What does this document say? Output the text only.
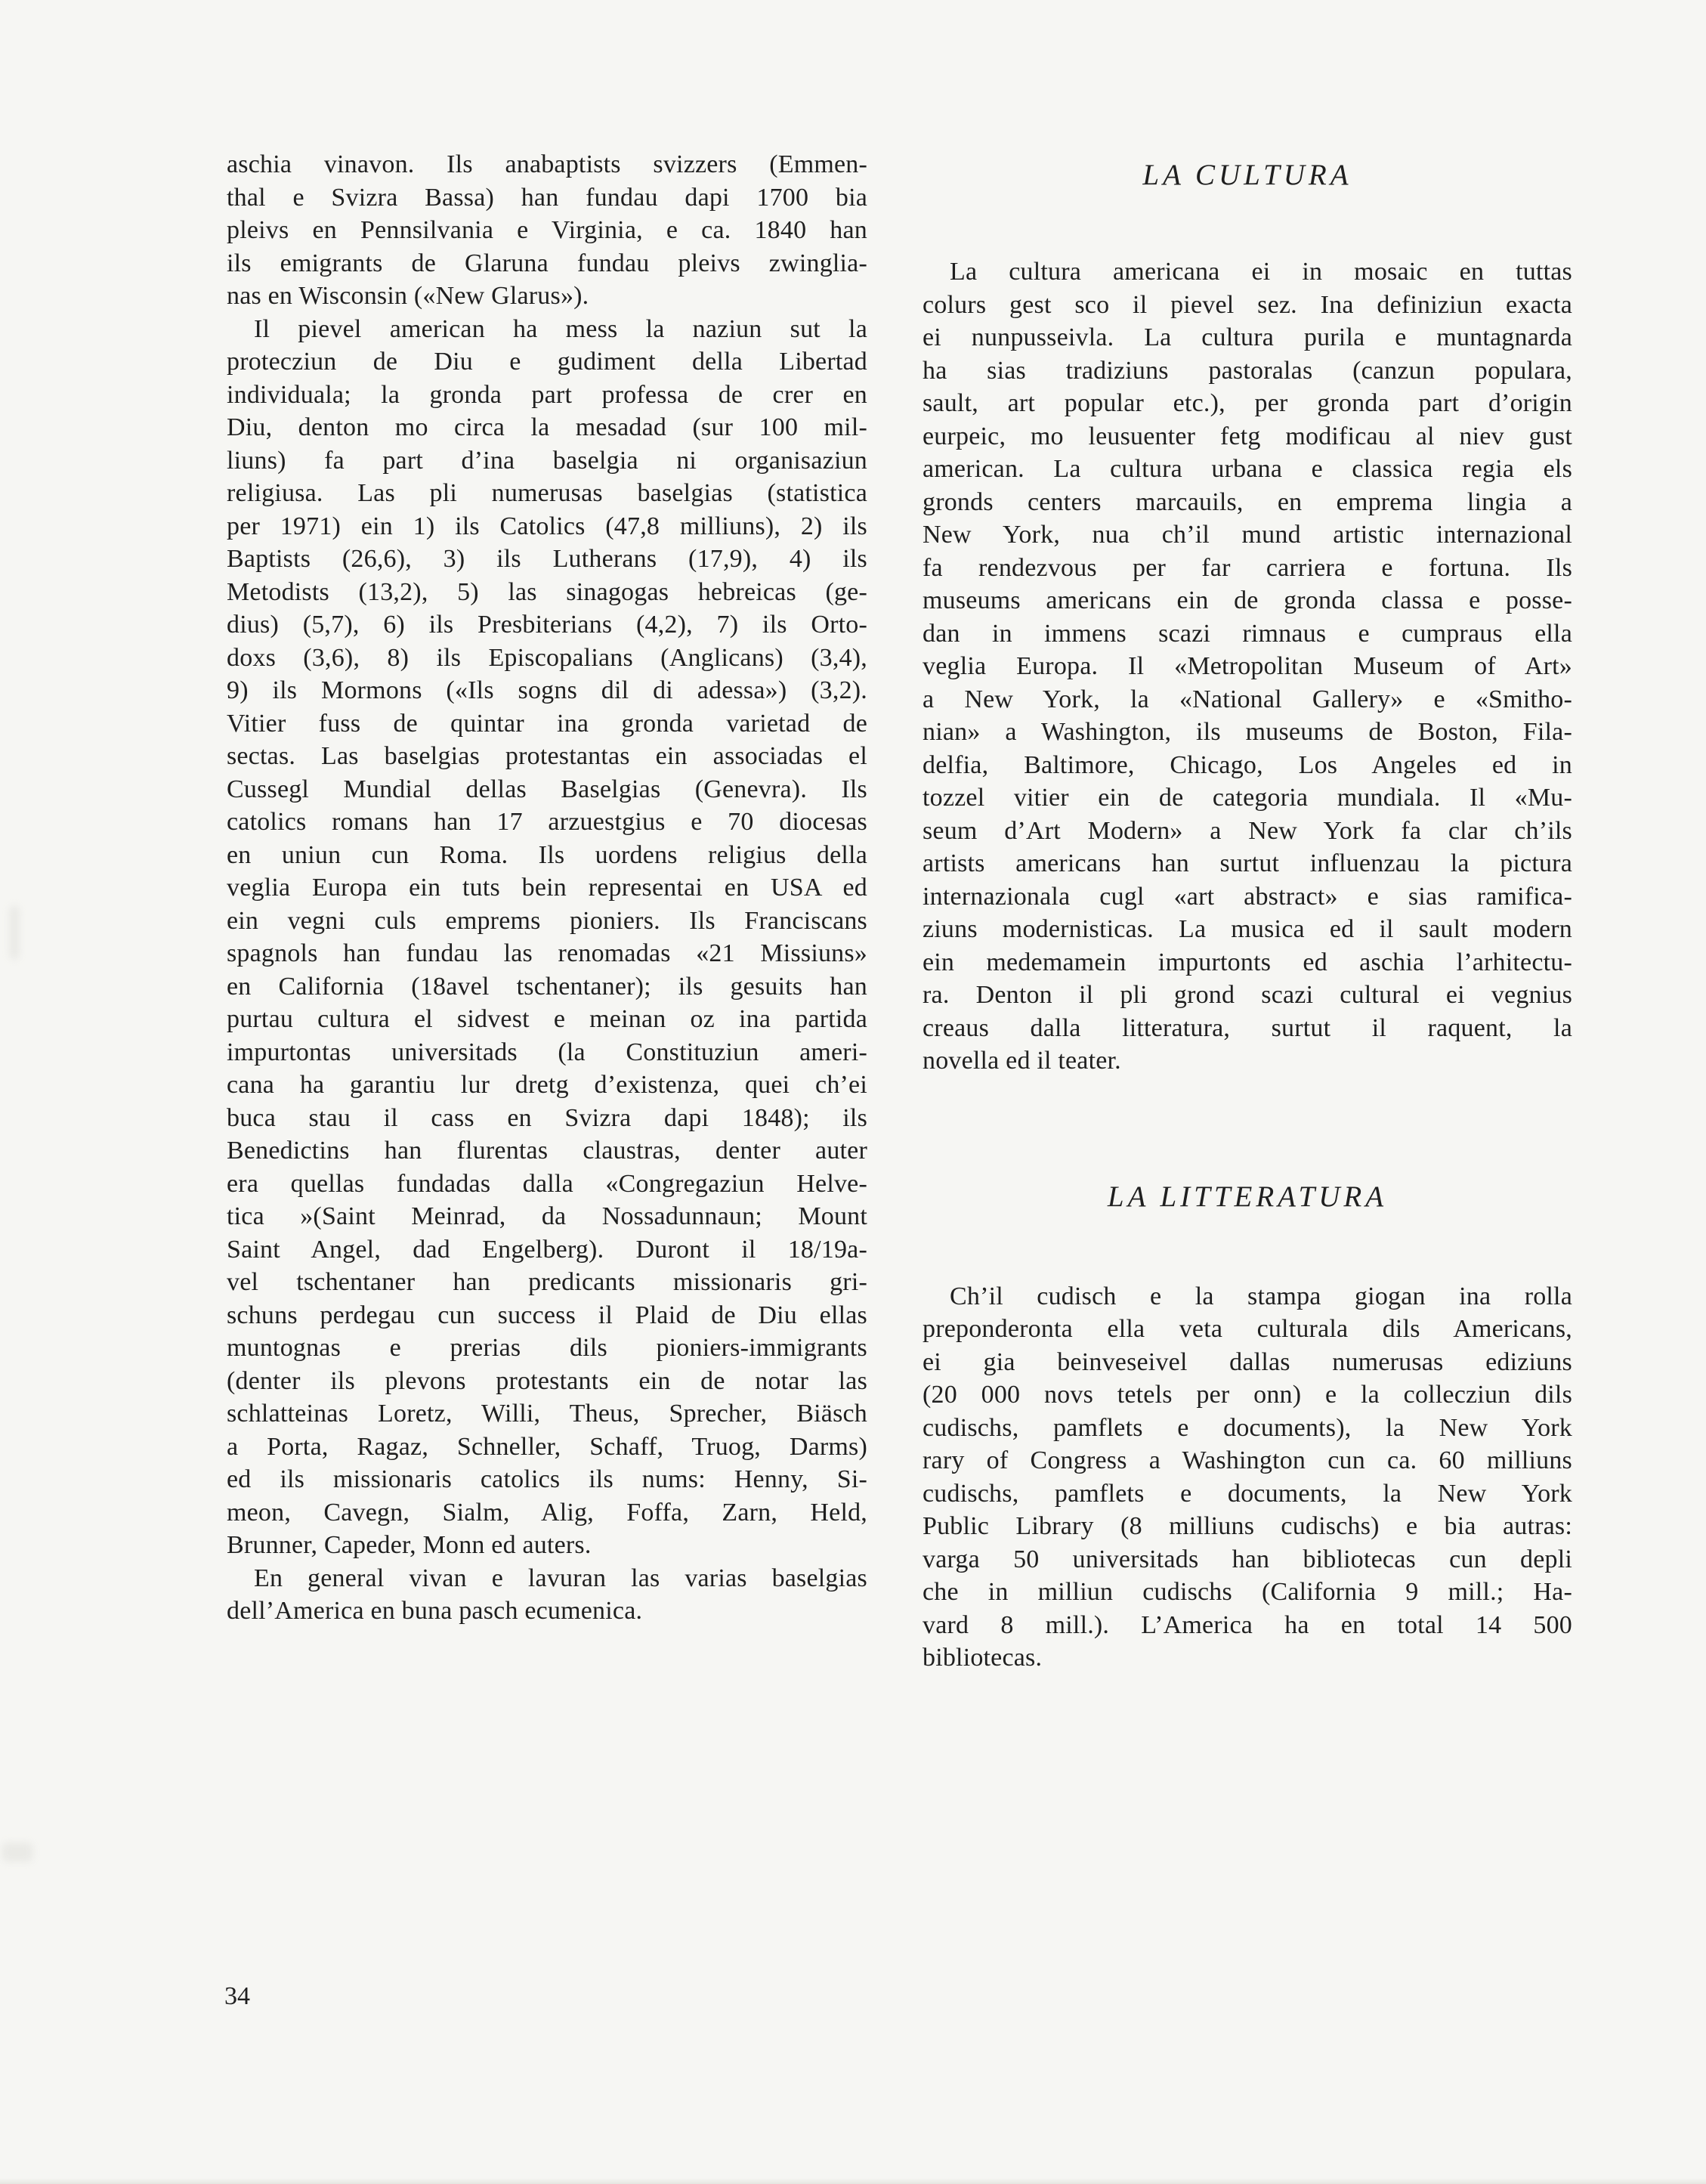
aschia vinavon. Ils anabaptists svizzers (Emmen-
thal e Svizra Bassa) han fundau dapi 1700 bia
pleivs en Pennsilvania e Virginia, e ca. 1840 han
ils emigrants de Glaruna fundau pleivs zwinglia-
nas en Wisconsin («New Glarus»).
Il pievel american ha mess la naziun sut la
protecziun de Diu e gudiment della Libertad
individuala; la gronda part professa de crer en
Diu, denton mo circa la mesadad (sur 100 mil-
liuns) fa part d’ina baselgia ni organisaziun
religiusa. Las pli numerusas baselgias (statistica
per 1971) ein 1) ils Catolics (47,8 milliuns), 2) ils
Baptists (26,6), 3) ils Lutherans (17,9), 4) ils
Metodists (13,2), 5) las sinagogas hebreicas (ge-
dius) (5,7), 6) ils Presbiterians (4,2), 7) ils Orto-
doxs (3,6), 8) ils Episcopalians (Anglicans) (3,4),
9) ils Mormons («Ils sogns dil di adessa») (3,2).
Vitier fuss de quintar ina gronda varietad de
sectas. Las baselgias protestantas ein associadas el
Cussegl Mundial dellas Baselgias (Genevra). Ils
catolics romans han 17 arzuestgius e 70 diocesas
en uniun cun Roma. Ils uordens religius della
veglia Europa ein tuts bein representai en USA ed
ein vegni culs emprems pioniers. Ils Franciscans
spagnols han fundau las renomadas «21 Missiuns»
en California (18avel tschentaner); ils gesuits han
purtau cultura el sidvest e meinan oz ina partida
impurtontas universitads (la Constituziun ameri-
cana ha garantiu lur dretg d’existenza, quei ch’ei
buca stau il cass en Svizra dapi 1848); ils
Benedictins han flurentas claustras, denter auter
era quellas fundadas dalla «Congregaziun Helve-
tica »(Saint Meinrad, da Nossadunnaun; Mount
Saint Angel, dad Engelberg). Duront il 18/19a-
vel tschentaner han predicants missionaris gri-
schuns perdegau cun success il Plaid de Diu ellas
muntognas e prerias dils pioniers-immigrants
(denter ils plevons protestants ein de notar las
schlatteinas Loretz, Willi, Theus, Sprecher, Biäsch
a Porta, Ragaz, Schneller, Schaff, Truog, Darms)
ed ils missionaris catolics ils nums: Henny, Si-
meon, Cavegn, Sialm, Alig, Foffa, Zarn, Held,
Brunner, Capeder, Monn ed auters.
En general vivan e lavuran las varias baselgias
dell’America en buna pasch ecumenica.
LA CULTURA
La cultura americana ei in mosaic en tuttas
colurs gest sco il pievel sez. Ina definiziun exacta
ei nunpusseivla. La cultura purila e muntagnarda
ha sias tradiziuns pastoralas (canzun populara,
sault, art popular etc.), per gronda part d’origin
eurpeic, mo leusuenter fetg modificau al niev gust
american. La cultura urbana e classica regia els
gronds centers marcauils, en emprema lingia a
New York, nua ch’il mund artistic internazional
fa rendezvous per far carriera e fortuna. Ils
museums americans ein de gronda classa e posse-
dan in immens scazi rimnaus e cumpraus ella
veglia Europa. Il «Metropolitan Museum of Art»
a New York, la «National Gallery» e «Smitho-
nian» a Washington, ils museums de Boston, Fila-
delfia, Baltimore, Chicago, Los Angeles ed in
tozzel vitier ein de categoria mundiala. Il «Mu-
seum d’Art Modern» a New York fa clar ch’ils
artists americans han surtut influenzau la pictura
internazionala cugl «art abstract» e sias ramifica-
ziuns modernisticas. La musica ed il sault modern
ein medemamein impurtonts ed aschia l’arhitectu-
ra. Denton il pli grond scazi cultural ei vegnius
creaus dalla litteratura, surtut il raquent, la
novella ed il teater.
LA LITTERATURA
Ch’il cudisch e la stampa giogan ina rolla
preponderonta ella veta culturala dils Americans,
ei gia beinveseivel dallas numerusas ediziuns
(20 000 novs tetels per onn) e la collecziun dils
cudischs, pamflets e documents), la New York
rary of Congress a Washington cun ca. 60 milliuns
cudischs, pamflets e documents, la New York
Public Library (8 milliuns cudischs) e bia autras:
varga 50 universitads han bibliotecas cun depli
che in milliun cudischs (California 9 mill.; Ha-
vard 8 mill.). L’America ha en total 14 500
bibliotecas.
34
